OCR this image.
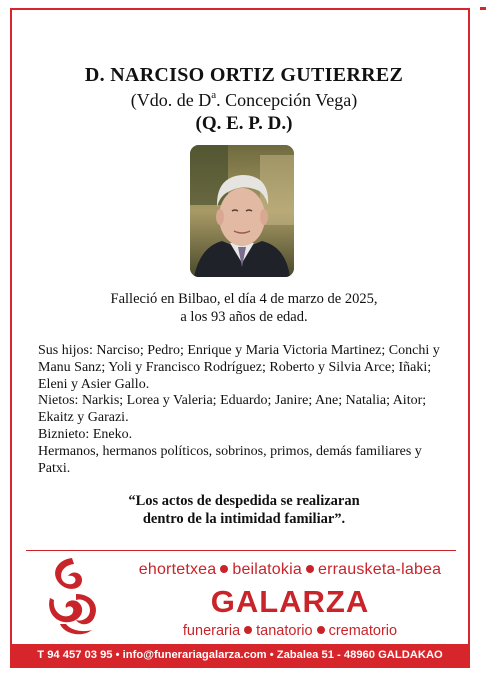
D. NARCISO ORTIZ GUTIERREZ
(Vdo. de $D^a$. Concepción Vega)
(Q. E. P. D.)
Falleció en Bilbao, el día 4 de marzo de 2025,
a los 93 años de edad.

Sus hijos: Narciso; Pedro; Enrique y Maria Victoria Martinez; Conchi y Manu Sanz; Yoli y Francisco Rodríguez; Roberto y Silvia Arce; Iñaki; Eleni y Asier Gallo.

Nietos: Narkis; Lorea y Valeria; Eduardo; Janire; Ane; Natalia; Aitor; Ekaitz y Garazi.

Biznieto: Eneko.

Hermanos, hermanos políticos, sobrinos, primos, demás familiares y Patxi.

“Los actos de despedida se realizaran
dentro de la intimidad familiar”.
ehortetxea beilatokia errausketa-labea
GALARZA
funeraria tanatorio crematorio
T 94 457 03 95 • info@funerariagalarza.com • Zabalea 51 - 48960 GALDAKAO
